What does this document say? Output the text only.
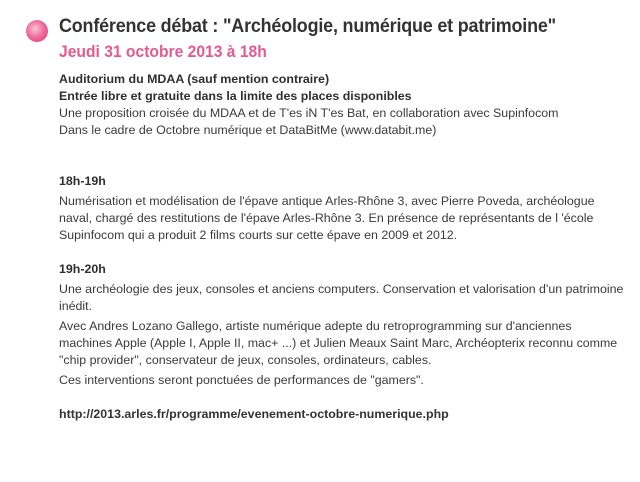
Conférence débat : "Archéologie, numérique et patrimoine"
Jeudi 31 octobre 2013 à 18h

Auditorium du MDAA (sauf mention contraire)

Entrée libre et gratuite dans la limite des places disponibles

Une proposition croisée du MDAA et de T'es iN T'es Bat, en collaboration avec Supinfocom

Dans le cadre de Octobre numérique et DataBitMe (www.databit.me)

18h-19h

Numérisation et modélisation de l'épave antique Arles-Rhône 3, avec Pierre Poveda, archéologue naval, chargé des restitutions de l'épave Arles-Rhône 3. En présence de représentants de l 'école Supinfocom qui a produit 2 films courts sur cette épave en 2009 et 2012.

19h-20h

Une archéologie des jeux, consoles et anciens computers. Conservation et valorisation d'un patrimoine inédit.

Avec Andres Lozano Gallego, artiste numérique adepte du retroprogramming sur d'anciennes machines Apple (Apple I, Apple II, mac+ ...) et Julien Meaux Saint Marc, Archéopterix reconnu comme "chip provider", conservateur de jeux, consoles, ordinateurs, cables.

Ces interventions seront ponctuées de performances de "gamers".

http://2013.arles.fr/programme/evenement-octobre-numerique.php
